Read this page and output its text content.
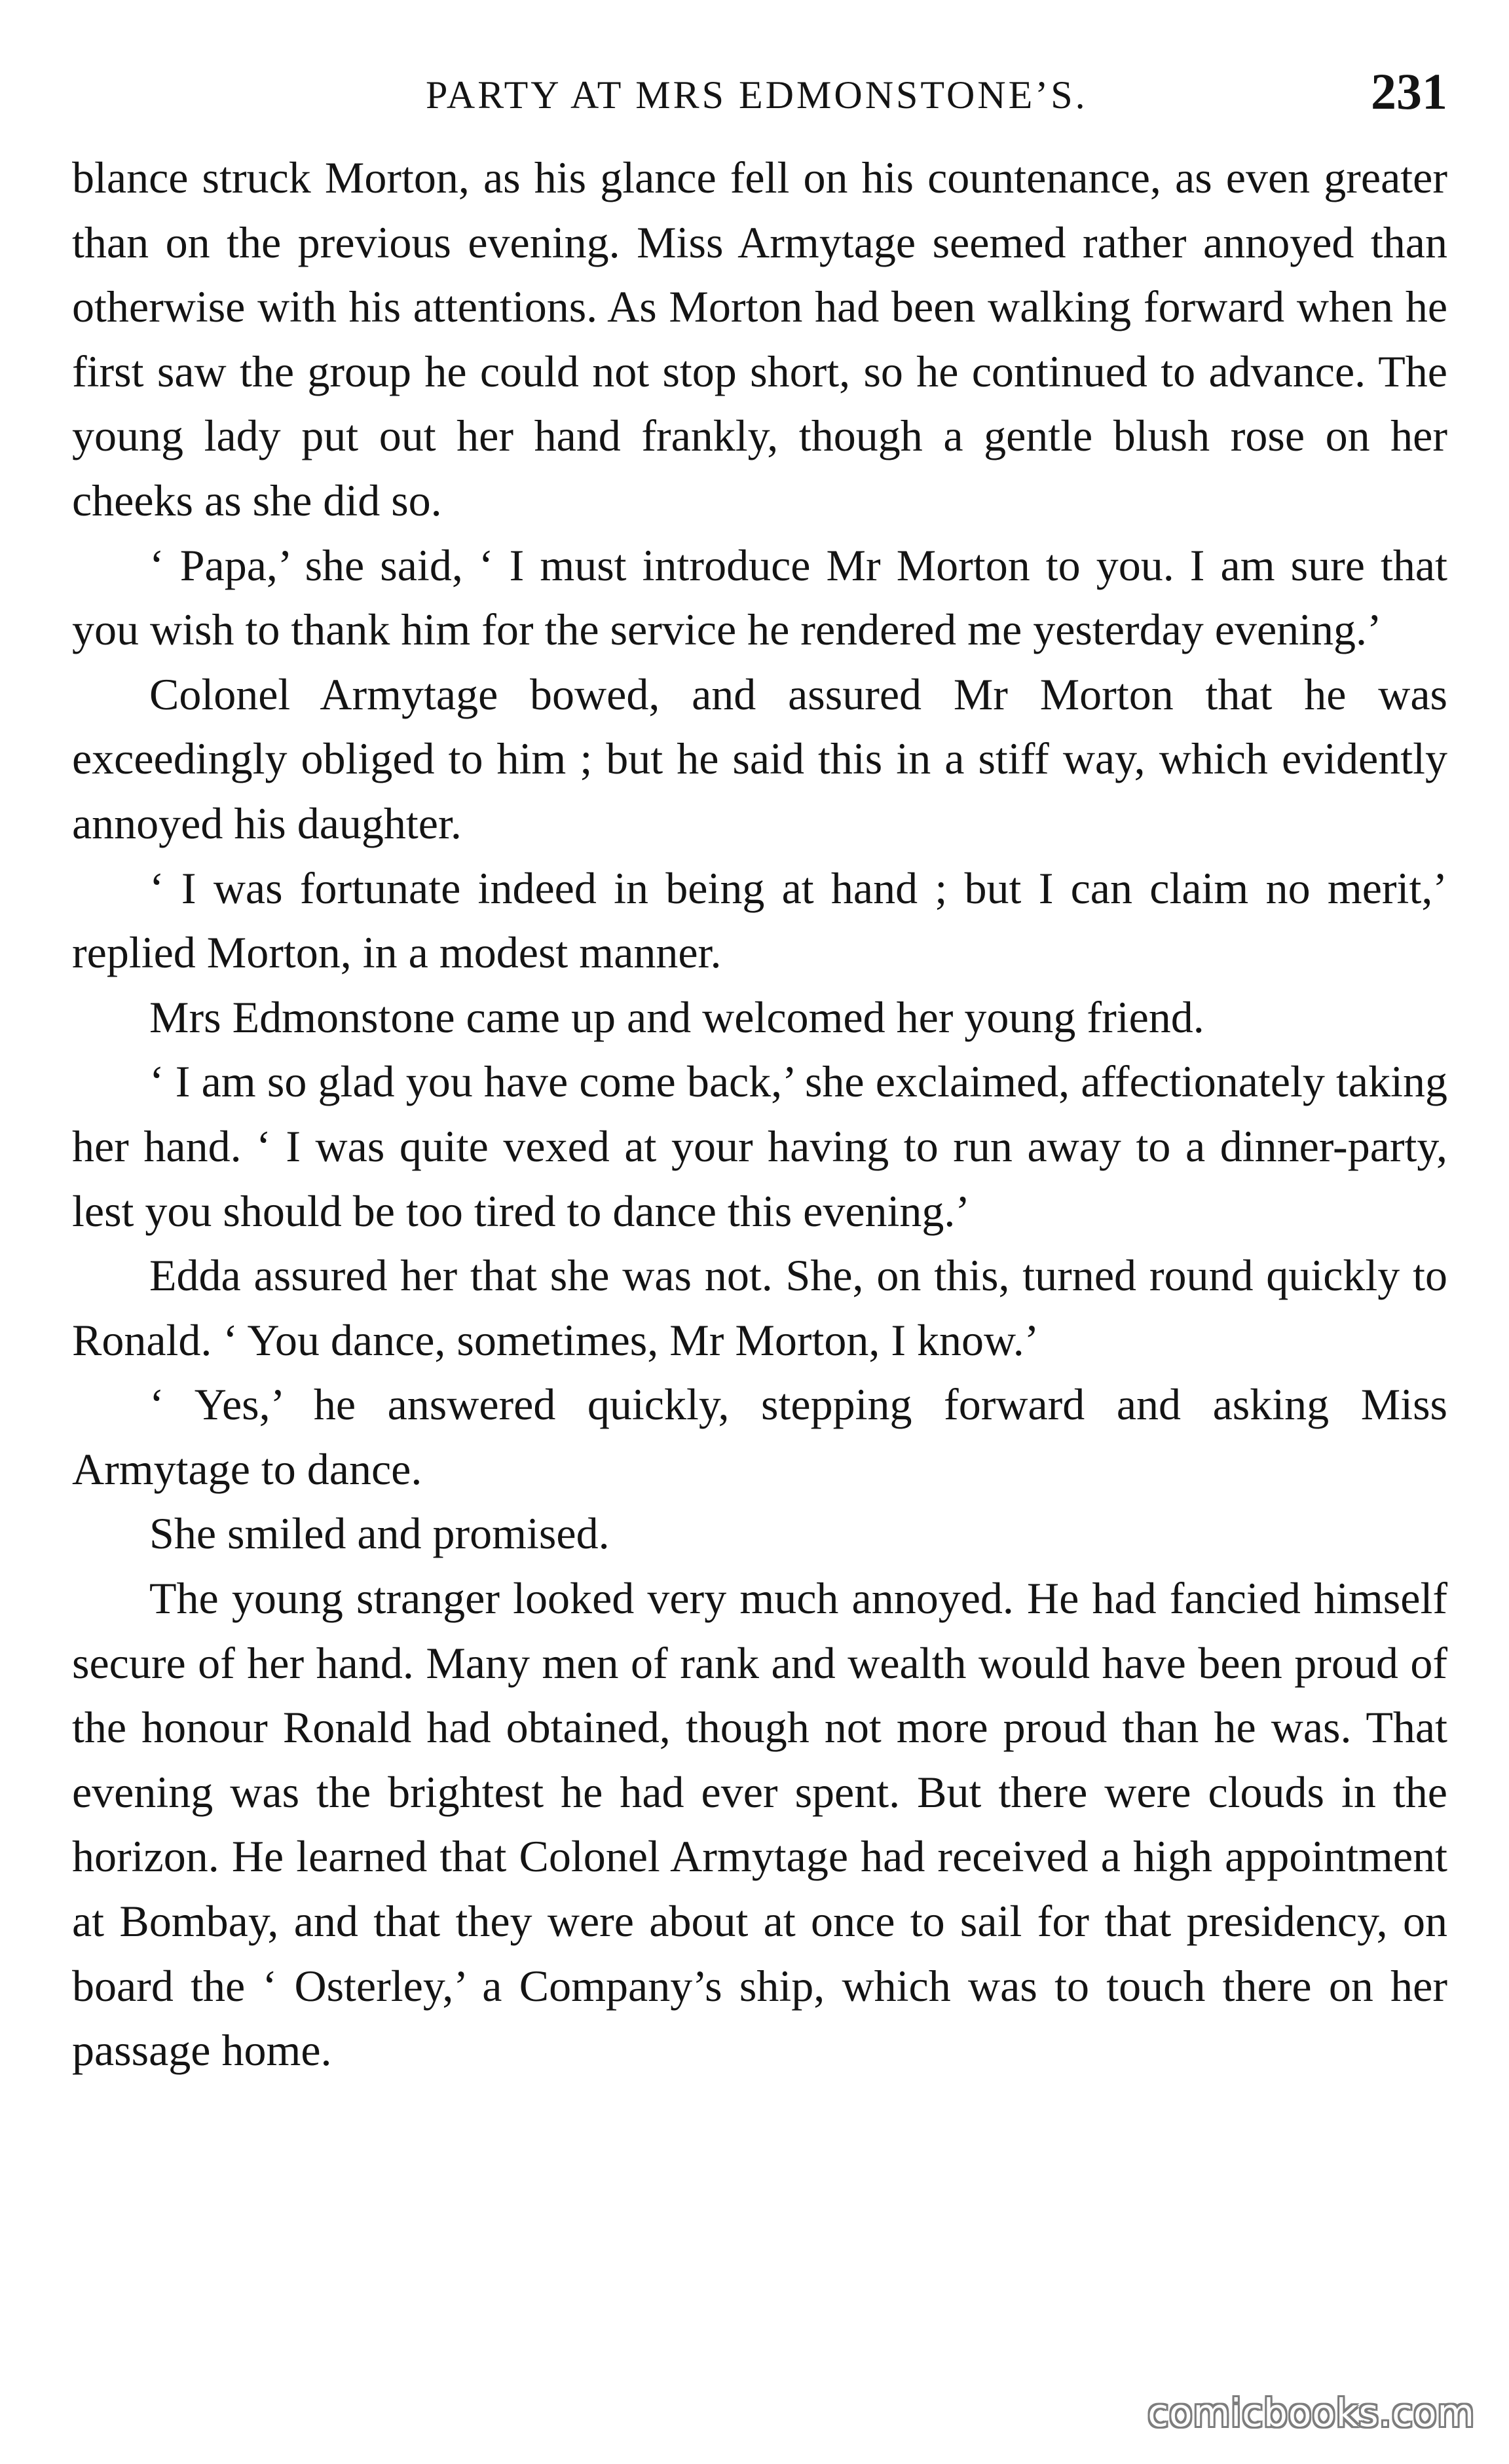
PARTY AT MRS EDMONSTONE’S.	231

blance struck Morton, as his glance fell on his countenance, as even greater than on the previous evening. Miss Armytage seemed rather annoyed than otherwise with his attentions. As Morton had been walking forward when he first saw the group he could not stop short, so he continued to advance. The young lady put out her hand frankly, though a gentle blush rose on her cheeks as she did so.

‘ Papa,’ she said, ‘ I must introduce Mr Morton to you. I am sure that you wish to thank him for the service he rendered me yesterday evening.’

Colonel Armytage bowed, and assured Mr Morton that he was exceedingly obliged to him ; but he said this in a stiff way, which evidently annoyed his daughter.

‘ I was fortunate indeed in being at hand ; but I can claim no merit,’ replied Morton, in a modest manner.

Mrs Edmonstone came up and welcomed her young friend.

‘ I am so glad you have come back,’ she exclaimed, affectionately taking her hand. ‘ I was quite vexed at your having to run away to a dinner-party, lest you should be too tired to dance this evening.’

Edda assured her that she was not. She, on this, turned round quickly to Ronald. ‘ You dance, sometimes, Mr Morton, I know.’

‘ Yes,’ he answered quickly, stepping forward and asking Miss Armytage to dance.

She smiled and promised.

The young stranger looked very much annoyed. He had fancied himself secure of her hand. Many men of rank and wealth would have been proud of the honour Ronald had obtained, though not more proud than he was. That evening was the brightest he had ever spent. But there were clouds in the horizon. He learned that Colonel Armytage had received a high appointment at Bombay, and that they were about at once to sail for that presidency, on board the ‘ Osterley,’ a Company’s ship, which was to touch there on her passage home.

comicbooks.com
